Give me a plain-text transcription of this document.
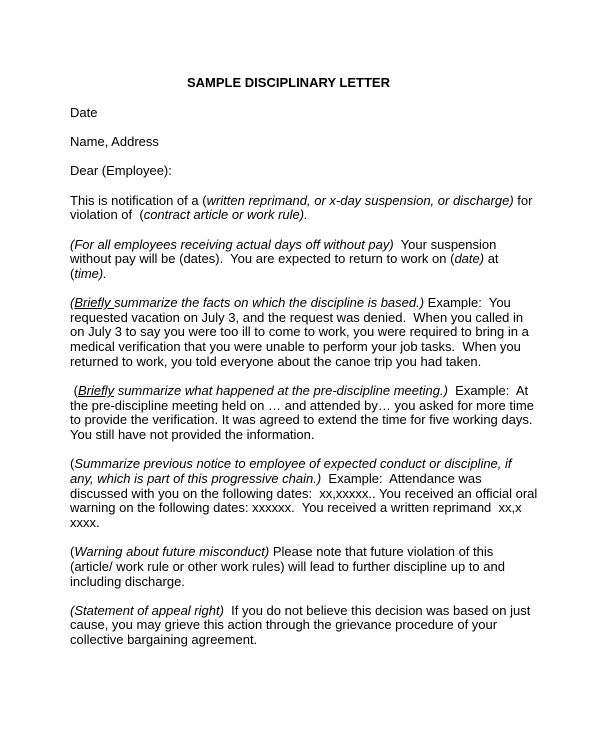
SAMPLE DISCIPLINARY LETTER
Date
Name, Address
Dear (Employee):
This is notification of a (written reprimand, or x-day suspension, or discharge) for
violation of  (contract article or work rule).
(For all employees receiving actual days off without pay)  Your suspension
without pay will be (dates).  You are expected to return to work on (date) at
(time).
(Briefly summarize the facts on which the discipline is based.) Example:  You
requested vacation on July 3, and the request was denied.  When you called in
on July 3 to say you were too ill to come to work, you were required to bring in a
medical verification that you were unable to perform your job tasks.  When you
returned to work, you told everyone about the canoe trip you had taken.
(Briefly summarize what happened at the pre-discipline meeting.)  Example:  At
the pre-discipline meeting held on … and attended by… you asked for more time
to provide the verification. It was agreed to extend the time for five working days.
You still have not provided the information.
(Summarize previous notice to employee of expected conduct or discipline, if
any, which is part of this progressive chain.)  Example:  Attendance was
discussed with you on the following dates:  xx,xxxxx.. You received an official oral
warning on the following dates: xxxxxx.  You received a written reprimand  xx,x
xxxx.
(Warning about future misconduct) Please note that future violation of this
(article/ work rule or other work rules) will lead to further discipline up to and
including discharge.
(Statement of appeal right)  If you do not believe this decision was based on just
cause, you may grieve this action through the grievance procedure of your
collective bargaining agreement.
